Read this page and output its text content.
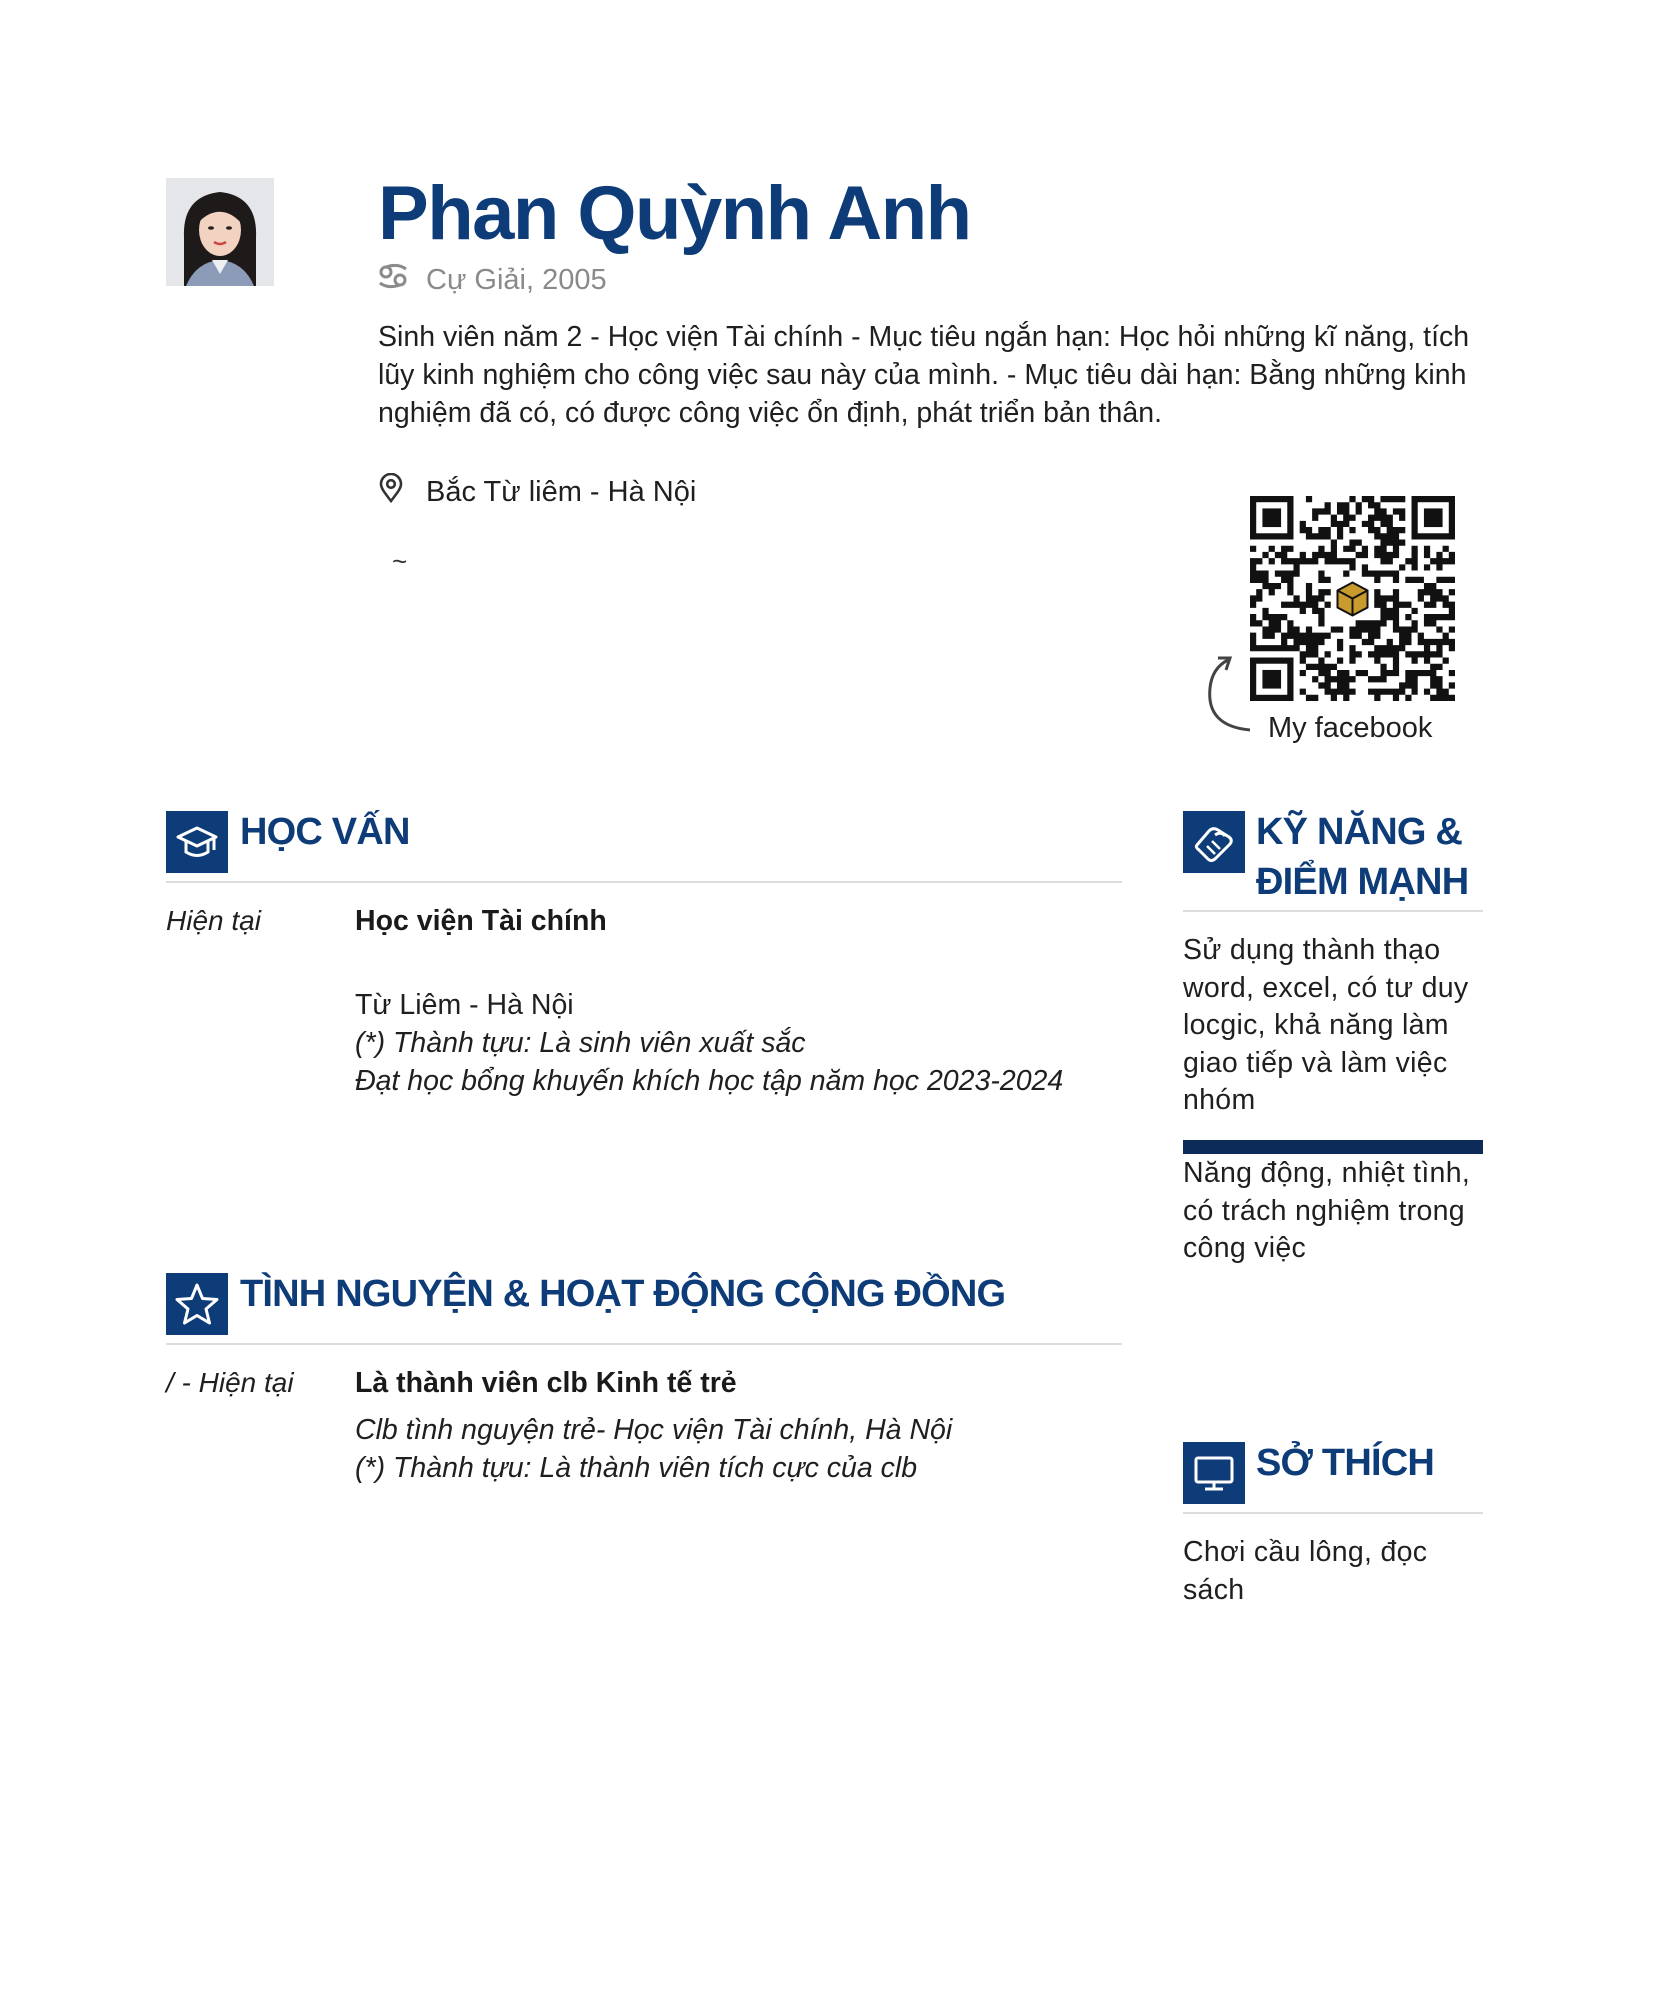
Phan Quỳnh Anh
Cự Giải, 2005
Sinh viên năm 2 - Học viện Tài chính - Mục tiêu ngắn hạn: Học hỏi những kĩ năng, tích
lũy kinh nghiệm cho công việc sau này của mình. - Mục tiêu dài hạn: Bằng những kinh
nghiệm đã có, có được công việc ổn định, phát triển bản thân.
Bắc Từ liêm - Hà Nội
~
My facebook
HỌC VẤN
Hiện tại	Học viện Tài chính
Từ Liêm - Hà Nội
(*) Thành tựu: Là sinh viên xuất sắc
Đạt học bổng khuyến khích học tập năm học 2023-2024
TÌNH NGUYỆN & HOẠT ĐỘNG CỘNG ĐỒNG
/ - Hiện tại Là thành viên clb Kinh tế trẻ
Clb tình nguyện trẻ- Học viện Tài chính, Hà Nội
(*) Thành tựu: Là thành viên tích cực của clb
KỸ NĂNG &
ĐIỂM MẠNH
Sử dụng thành thạo
word, excel, có tư duy
locgic, khả năng làm
giao tiếp và làm việc
nhóm
Năng động, nhiệt tình,
có trách nghiệm trong
công việc
SỞ THÍCH
Chơi cầu lông, đọc
sách
